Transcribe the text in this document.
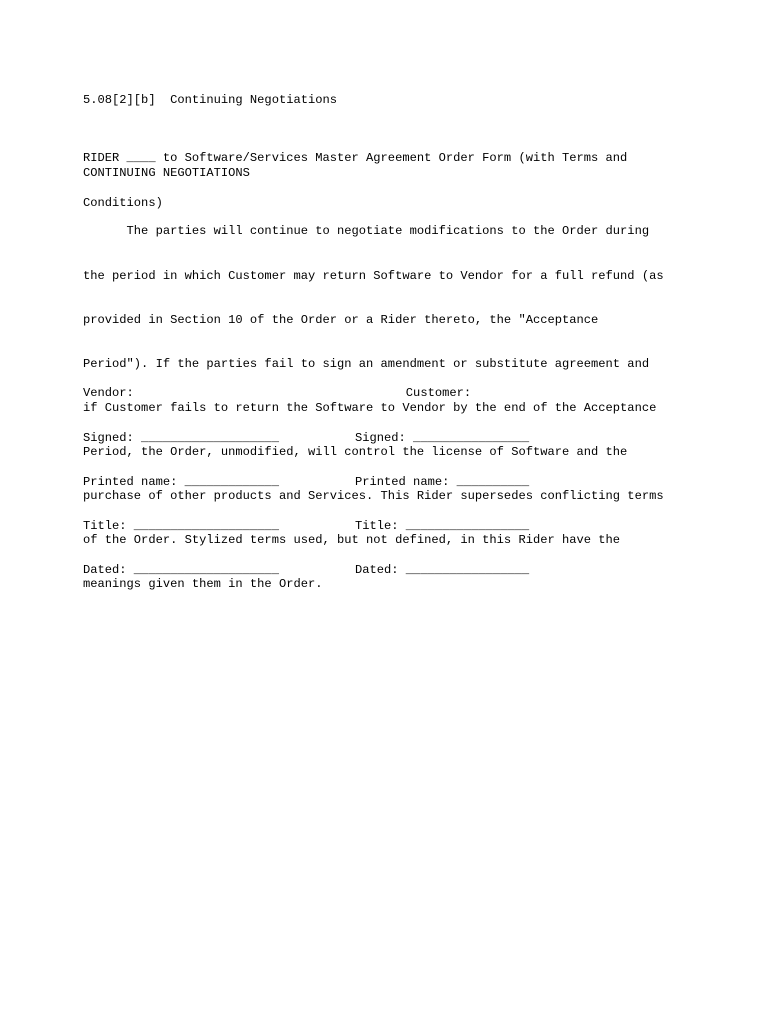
5.08[2][b]  Continuing Negotiations

RIDER ____ to Software/Services Master Agreement Order Form (with Terms and

Conditions)

CONTINUING NEGOTIATIONS

The parties will continue to negotiate modifications to the Order during

the period in which Customer may return Software to Vendor for a full refund (as

provided in Section 10 of the Order or a Rider thereto, the "Acceptance

Period"). If the parties fail to sign an amendment or substitute agreement and

if Customer fails to return the Software to Vendor by the end of the Acceptance

Period, the Order, unmodified, will control the license of Software and the

purchase of other products and Services. This Rider supersedes conflicting terms

of the Order. Stylized terms used, but not defined, in this Rider have the

meanings given them in the Order.

Vendor:

Signed: ___________________

Printed name: _____________

Title: ____________________

Dated: ____________________

Customer:

Signed: ________________

Printed name: __________

Title: _________________

Dated: _________________
